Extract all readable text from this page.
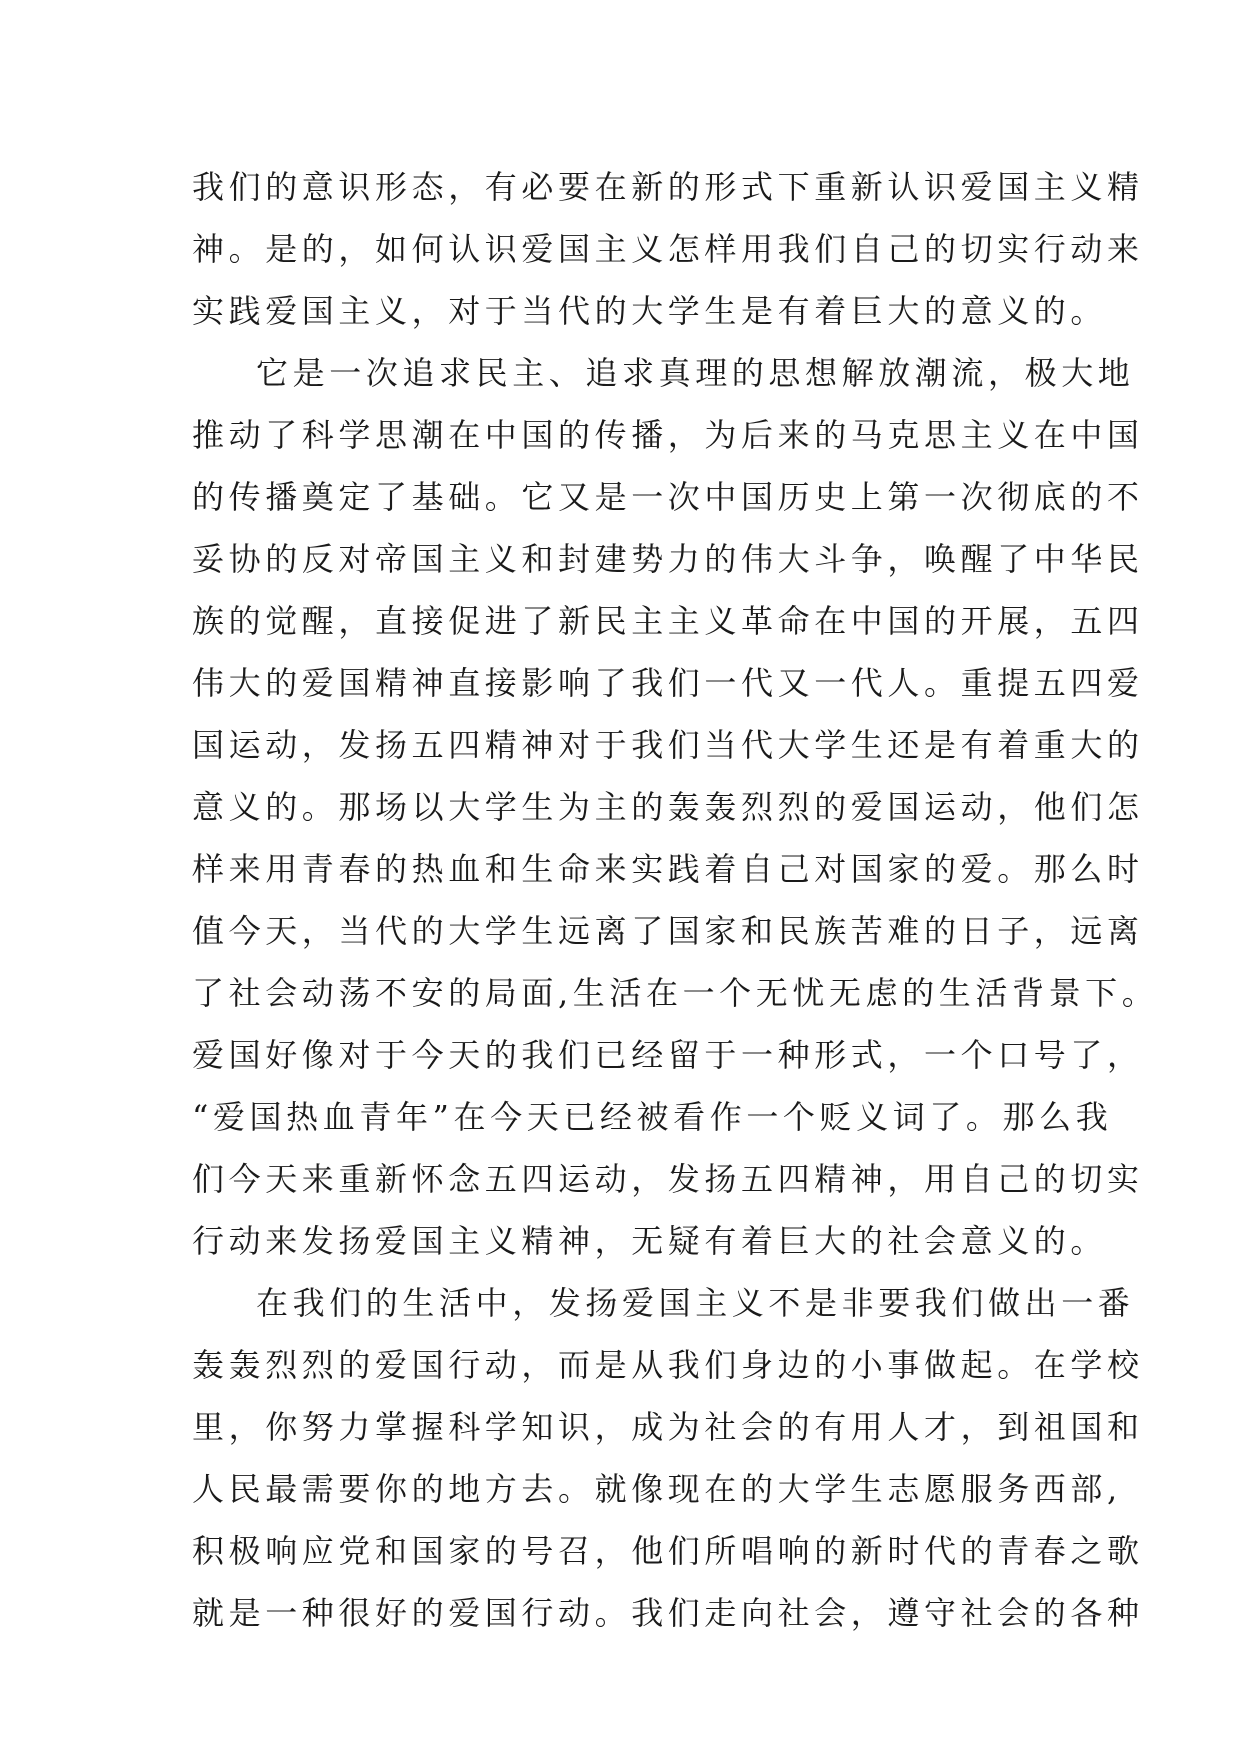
我们的意识形态，有必要在新的形式下重新认识爱国主义精
神。是的，如何认识爱国主义怎样用我们自己的切实行动来
实践爱国主义，对于当代的大学生是有着巨大的意义的。
它是一次追求民主、追求真理的思想解放潮流，极大地
推动了科学思潮在中国的传播，为后来的马克思主义在中国
的传播奠定了基础。它又是一次中国历史上第一次彻底的不
妥协的反对帝国主义和封建势力的伟大斗争，唤醒了中华民
族的觉醒，直接促进了新民主主义革命在中国的开展，五四
伟大的爱国精神直接影响了我们一代又一代人。重提五四爱
国运动，发扬五四精神对于我们当代大学生还是有着重大的
意义的。那场以大学生为主的轰轰烈烈的爱国运动，他们怎
样来用青春的热血和生命来实践着自己对国家的爱。那么时
值今天，当代的大学生远离了国家和民族苦难的日子，远离
了社会动荡不安的局面,生活在一个无忧无虑的生活背景下。
爱国好像对于今天的我们已经留于一种形式，一个口号了，
“爱国热血青年”在今天已经被看作一个贬义词了。那么我
们今天来重新怀念五四运动，发扬五四精神，用自己的切实
行动来发扬爱国主义精神，无疑有着巨大的社会意义的。
在我们的生活中，发扬爱国主义不是非要我们做出一番
轰轰烈烈的爱国行动，而是从我们身边的小事做起。在学校
里，你努力掌握科学知识，成为社会的有用人才，到祖国和
人民最需要你的地方去。就像现在的大学生志愿服务西部,
积极响应党和国家的号召，他们所唱响的新时代的青春之歌
就是一种很好的爱国行动。我们走向社会，遵守社会的各种
